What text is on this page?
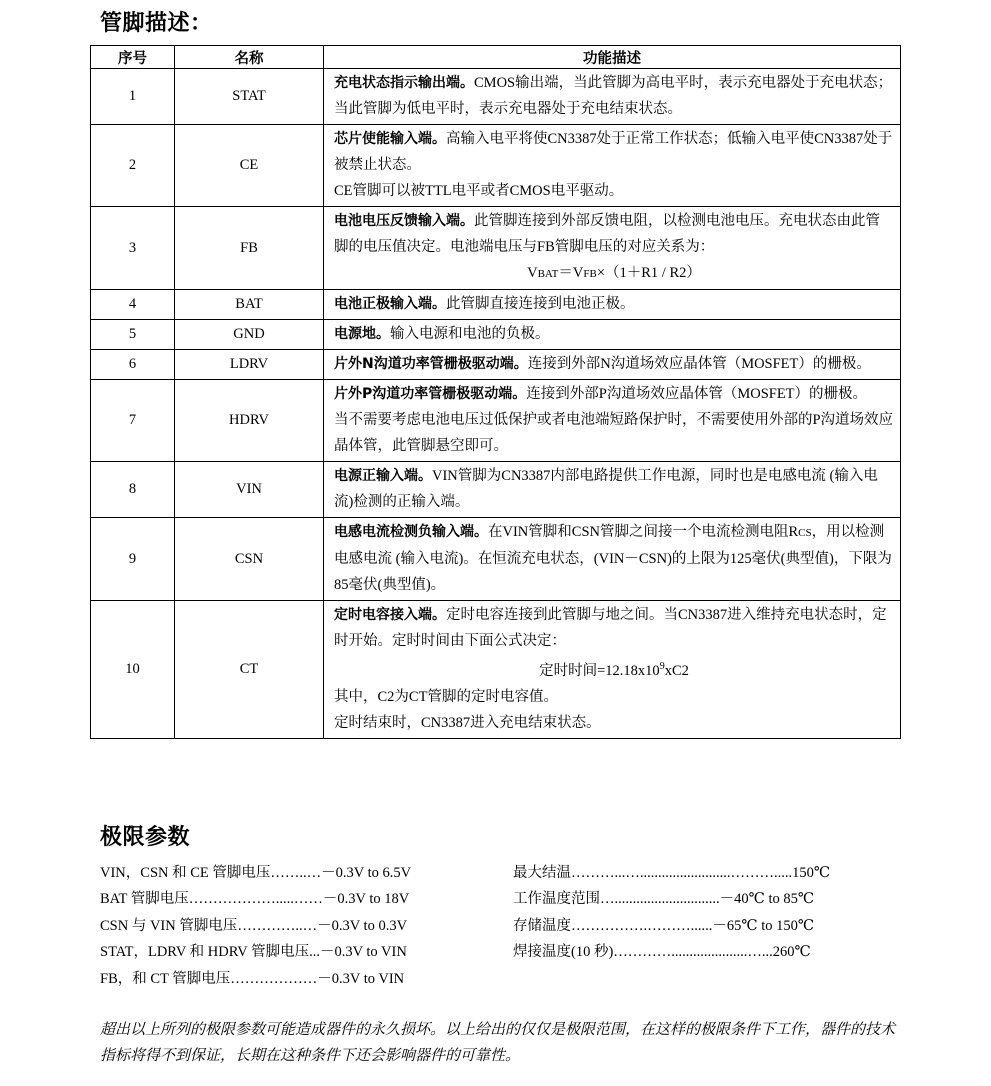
管脚描述：
序号	名称	功能描述
1	STAT	充电状态指示输出端。CMOS输出端，当此管脚为高电平时，表示充电器处于充电状态；当此管脚为低电平时，表示充电器处于充电结束状态。
2	CE	芯片使能输入端。高输入电平将使CN3387处于正常工作状态；低输入电平使CN3387处于被禁止状态。
CE管脚可以被TTL电平或者CMOS电平驱动。

3	FB	电池电压反馈输入端。此管脚连接到外部反馈电阻，以检测电池电压。充电状态由此管脚的电压值决定。电池端电压与FB管脚电压的对应关系为：
VBAT＝VFB×（1＋R1 / R2）

4	BAT	电池正极输入端。此管脚直接连接到电池正极。
5	GND	电源地。输入电源和电池的负极。
6	LDRV	片外N沟道功率管栅极驱动端。连接到外部N沟道场效应晶体管（MOSFET）的栅极。
7	HDRV	片外P沟道功率管栅极驱动端。连接到外部P沟道场效应晶体管（MOSFET）的栅极。
当不需要考虑电池电压过低保护或者电池端短路保护时，不需要使用外部的P沟道场效应晶体管，此管脚悬空即可。

8	VIN	电源正输入端。VIN管脚为CN3387内部电路提供工作电源，同时也是电感电流 (输入电流)检测的正输入端。
9	CSN	电感电流检测负输入端。在VIN管脚和CSN管脚之间接一个电流检测电阻RCS，用以检测电感电流 (输入电流)。在恒流充电状态，(VIN－CSN)的上限为125毫伏(典型值)，下限为85毫伏(典型值)。
10	CT	定时电容接入端。定时电容连接到此管脚与地之间。当CN3387进入维持充电状态时，定时开始。定时时间由下面公式决定：
定时时间$=12.18x10^9xC2$
其中，C2为CT管脚的定时电容值。
定时结束时，CN3387进入充电结束状态。
极限参数
VIN，CSN 和 CE 管脚电压……..…－0.3V to 6.5V
BAT 管脚电压……………….....……－0.3V to 18V
CSN 与 VIN 管脚电压…………..…－0.3V to 0.3V
STAT，LDRV 和 HDRV 管脚电压...－0.3V to VIN
FB，和 CT 管脚电压………………－0.3V to VIN
最大结温………...….........................……….....150℃
工作温度范围….............................－40℃ to 85℃
存储温度…………….………......－65℃ to 150℃
焊接温度(10 秒)………….....................…...260℃
超出以上所列的极限参数可能造成器件的永久损坏。以上给出的仅仅是极限范围，在这样的极限条件下工作，器件的技术指标将得不到保证，长期在这种条件下还会影响器件的可靠性。
